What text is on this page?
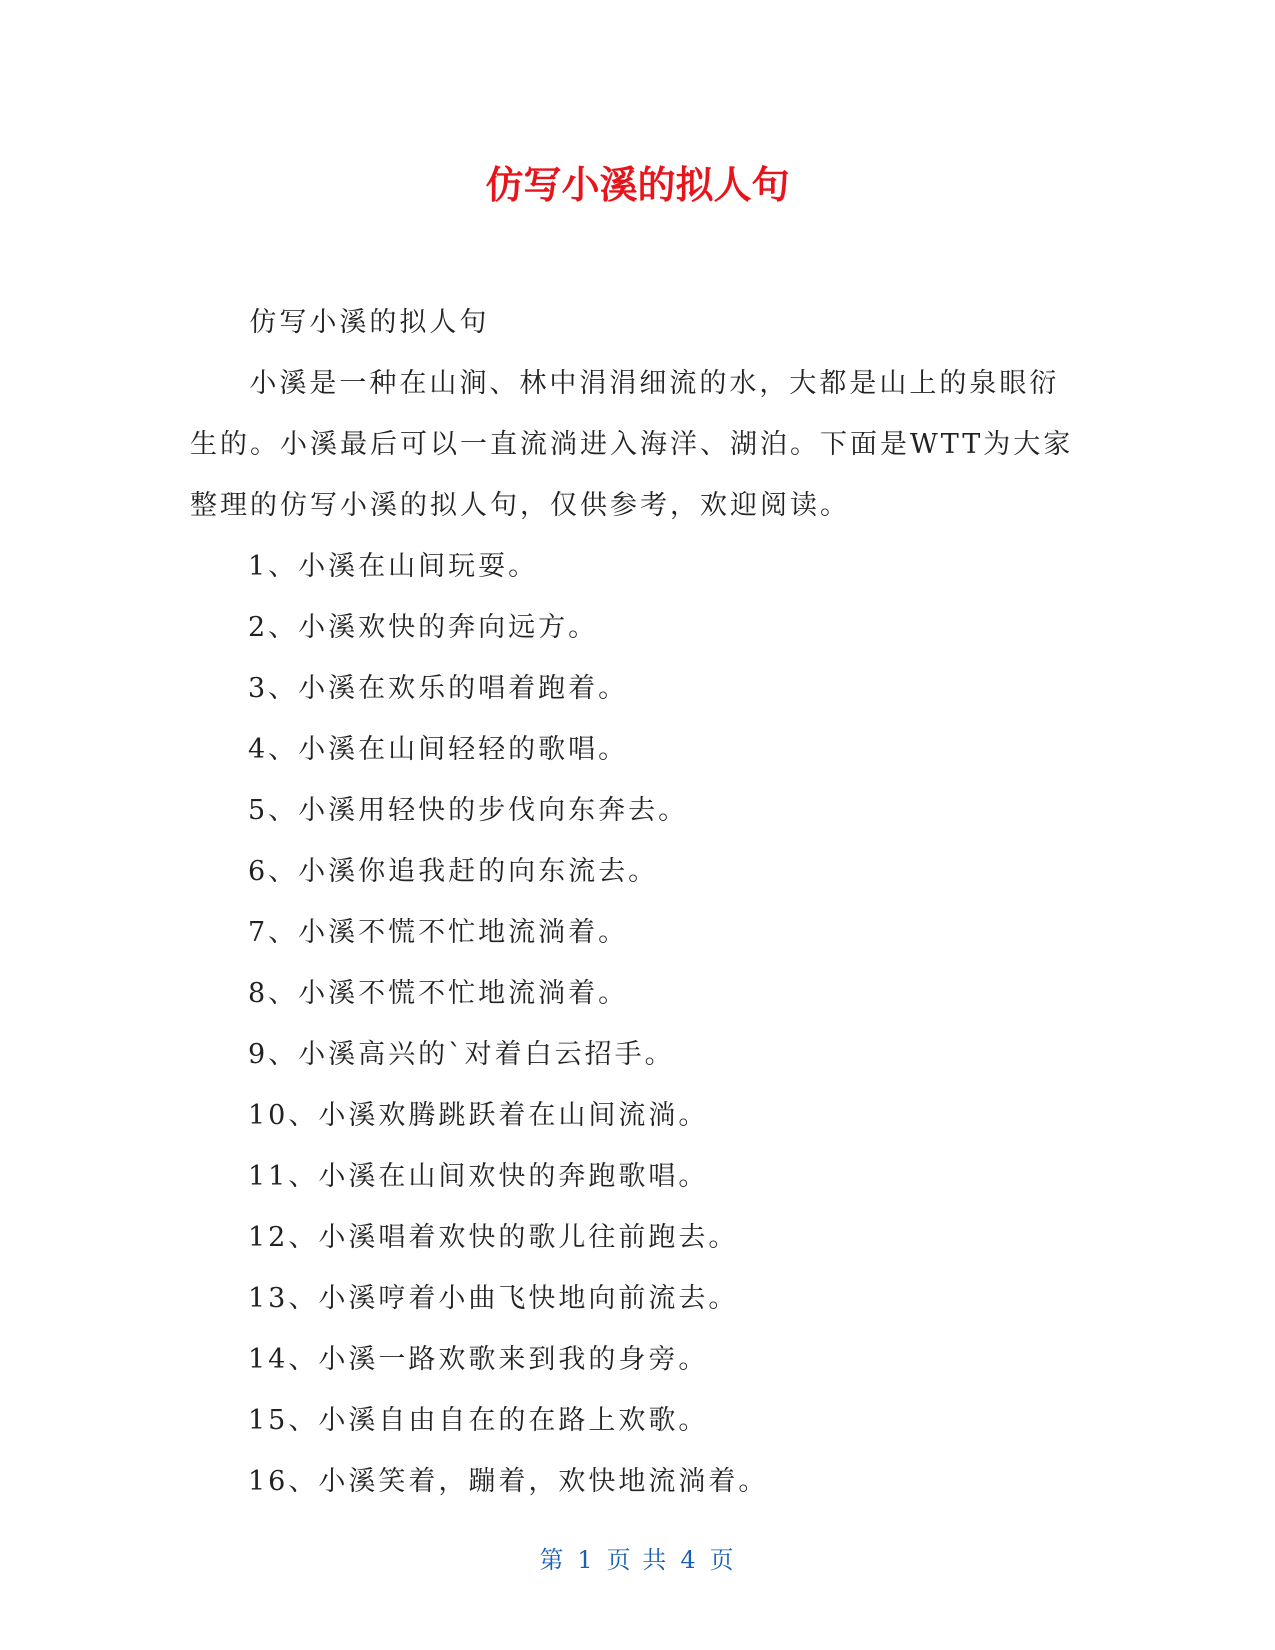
仿写小溪的拟人句

仿写小溪的拟人句

小溪是一种在山涧、林中涓涓细流的水，大都是山上的泉眼衍生的。小溪最后可以一直流淌进入海洋、湖泊。下面是WTT为大家整理的仿写小溪的拟人句，仅供参考，欢迎阅读。

1、小溪在山间玩耍。
2、小溪欢快的奔向远方。
3、小溪在欢乐的唱着跑着。
4、小溪在山间轻轻的歌唱。
5、小溪用轻快的步伐向东奔去。
6、小溪你追我赶的向东流去。
7、小溪不慌不忙地流淌着。
8、小溪不慌不忙地流淌着。
9、小溪高兴的`对着白云招手。
10、小溪欢腾跳跃着在山间流淌。
11、小溪在山间欢快的奔跑歌唱。
12、小溪唱着欢快的歌儿往前跑去。
13、小溪哼着小曲飞快地向前流去。
14、小溪一路欢歌来到我的身旁。
15、小溪自由自在的在路上欢歌。
16、小溪笑着，蹦着，欢快地流淌着。
第 1 页 共 4 页
